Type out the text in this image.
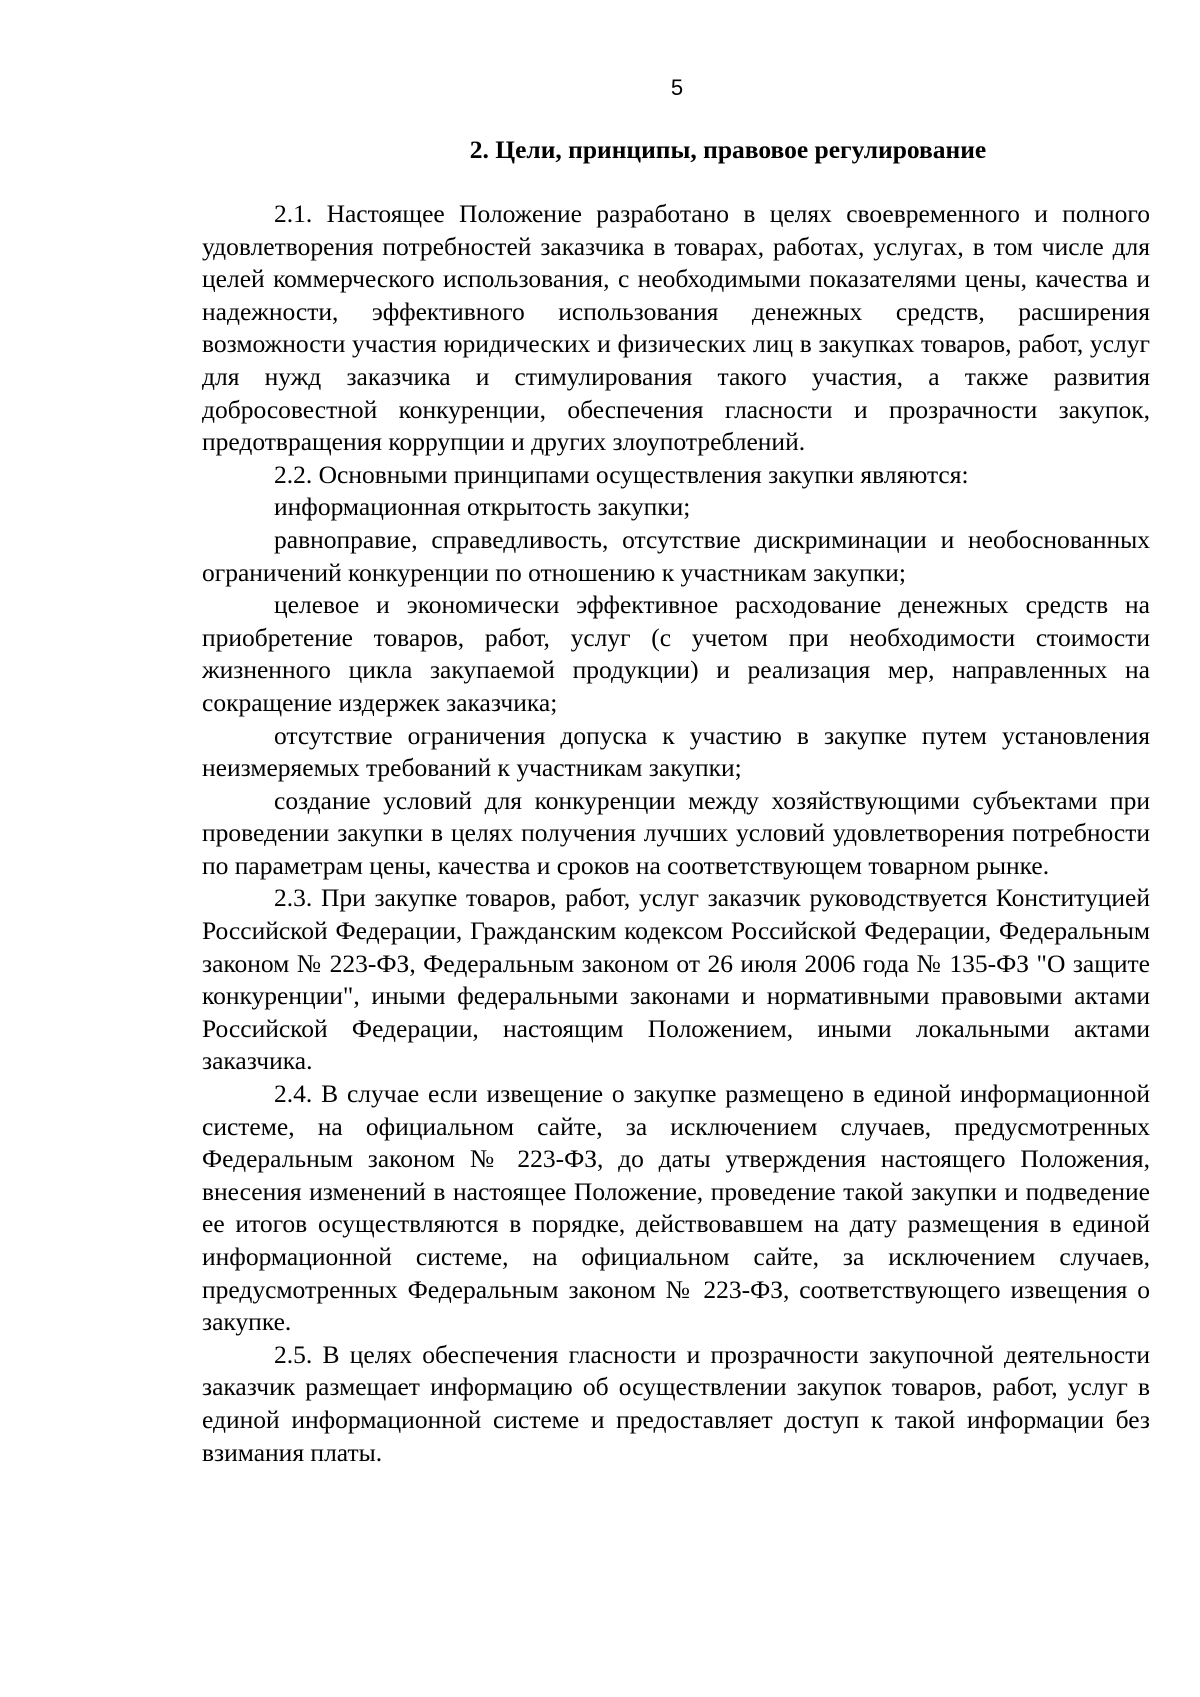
5
2. Цели, принципы, правовое регулирование

2.1. Настоящее Положение разработано в целях своевременного и полного удовлетворения потребностей заказчика в товарах, работах, услугах, в том числе для целей коммерческого использования, с необходимыми показателями цены, качества и надежности, эффективного использования денежных средств, расширения возможности участия юридических и физических лиц в закупках товаров, работ, услуг для нужд заказчика и стимулирования такого участия, а также развития добросовестной конкуренции, обеспечения гласности и прозрачности закупок, предотвращения коррупции и других злоупотреблений.

2.2. Основными принципами осуществления закупки являются:

информационная открытость закупки;

равноправие, справедливость, отсутствие дискриминации и необоснованных ограничений конкуренции по отношению к участникам закупки;

целевое и экономически эффективное расходование денежных средств на приобретение товаров, работ, услуг (с учетом при необходимости стоимости жизненного цикла закупаемой продукции) и реализация мер, направленных на сокращение издержек заказчика;

отсутствие ограничения допуска к участию в закупке путем установления неизмеряемых требований к участникам закупки;

создание условий для конкуренции между хозяйствующими субъектами при проведении закупки в целях получения лучших условий удовлетворения потребности по параметрам цены, качества и сроков на соответствующем товарном рынке.

2.3. При закупке товаров, работ, услуг заказчик руководствуется Конституцией Российской Федерации, Гражданским кодексом Российской Федерации, Федеральным законом № 223-ФЗ, Федеральным законом от 26 июля 2006 года № 135-ФЗ "О защите конкуренции", иными федеральными законами и нормативными правовыми актами Российской Федерации, настоящим Положением, иными локальными актами заказчика.

2.4. В случае если извещение о закупке размещено в единой информационной системе, на официальном сайте, за исключением случаев, предусмотренных Федеральным законом № 223-ФЗ, до даты утверждения настоящего Положения, внесения изменений в настоящее Положение, проведение такой закупки и подведение ее итогов осуществляются в порядке, действовавшем на дату размещения в единой информационной системе, на официальном сайте, за исключением случаев, предусмотренных Федеральным законом № 223-ФЗ, соответствующего извещения о закупке.

2.5. В целях обеспечения гласности и прозрачности закупочной деятельности заказчик размещает информацию об осуществлении закупок товаров, работ, услуг в единой информационной системе и предоставляет доступ к такой информации без взимания платы.
